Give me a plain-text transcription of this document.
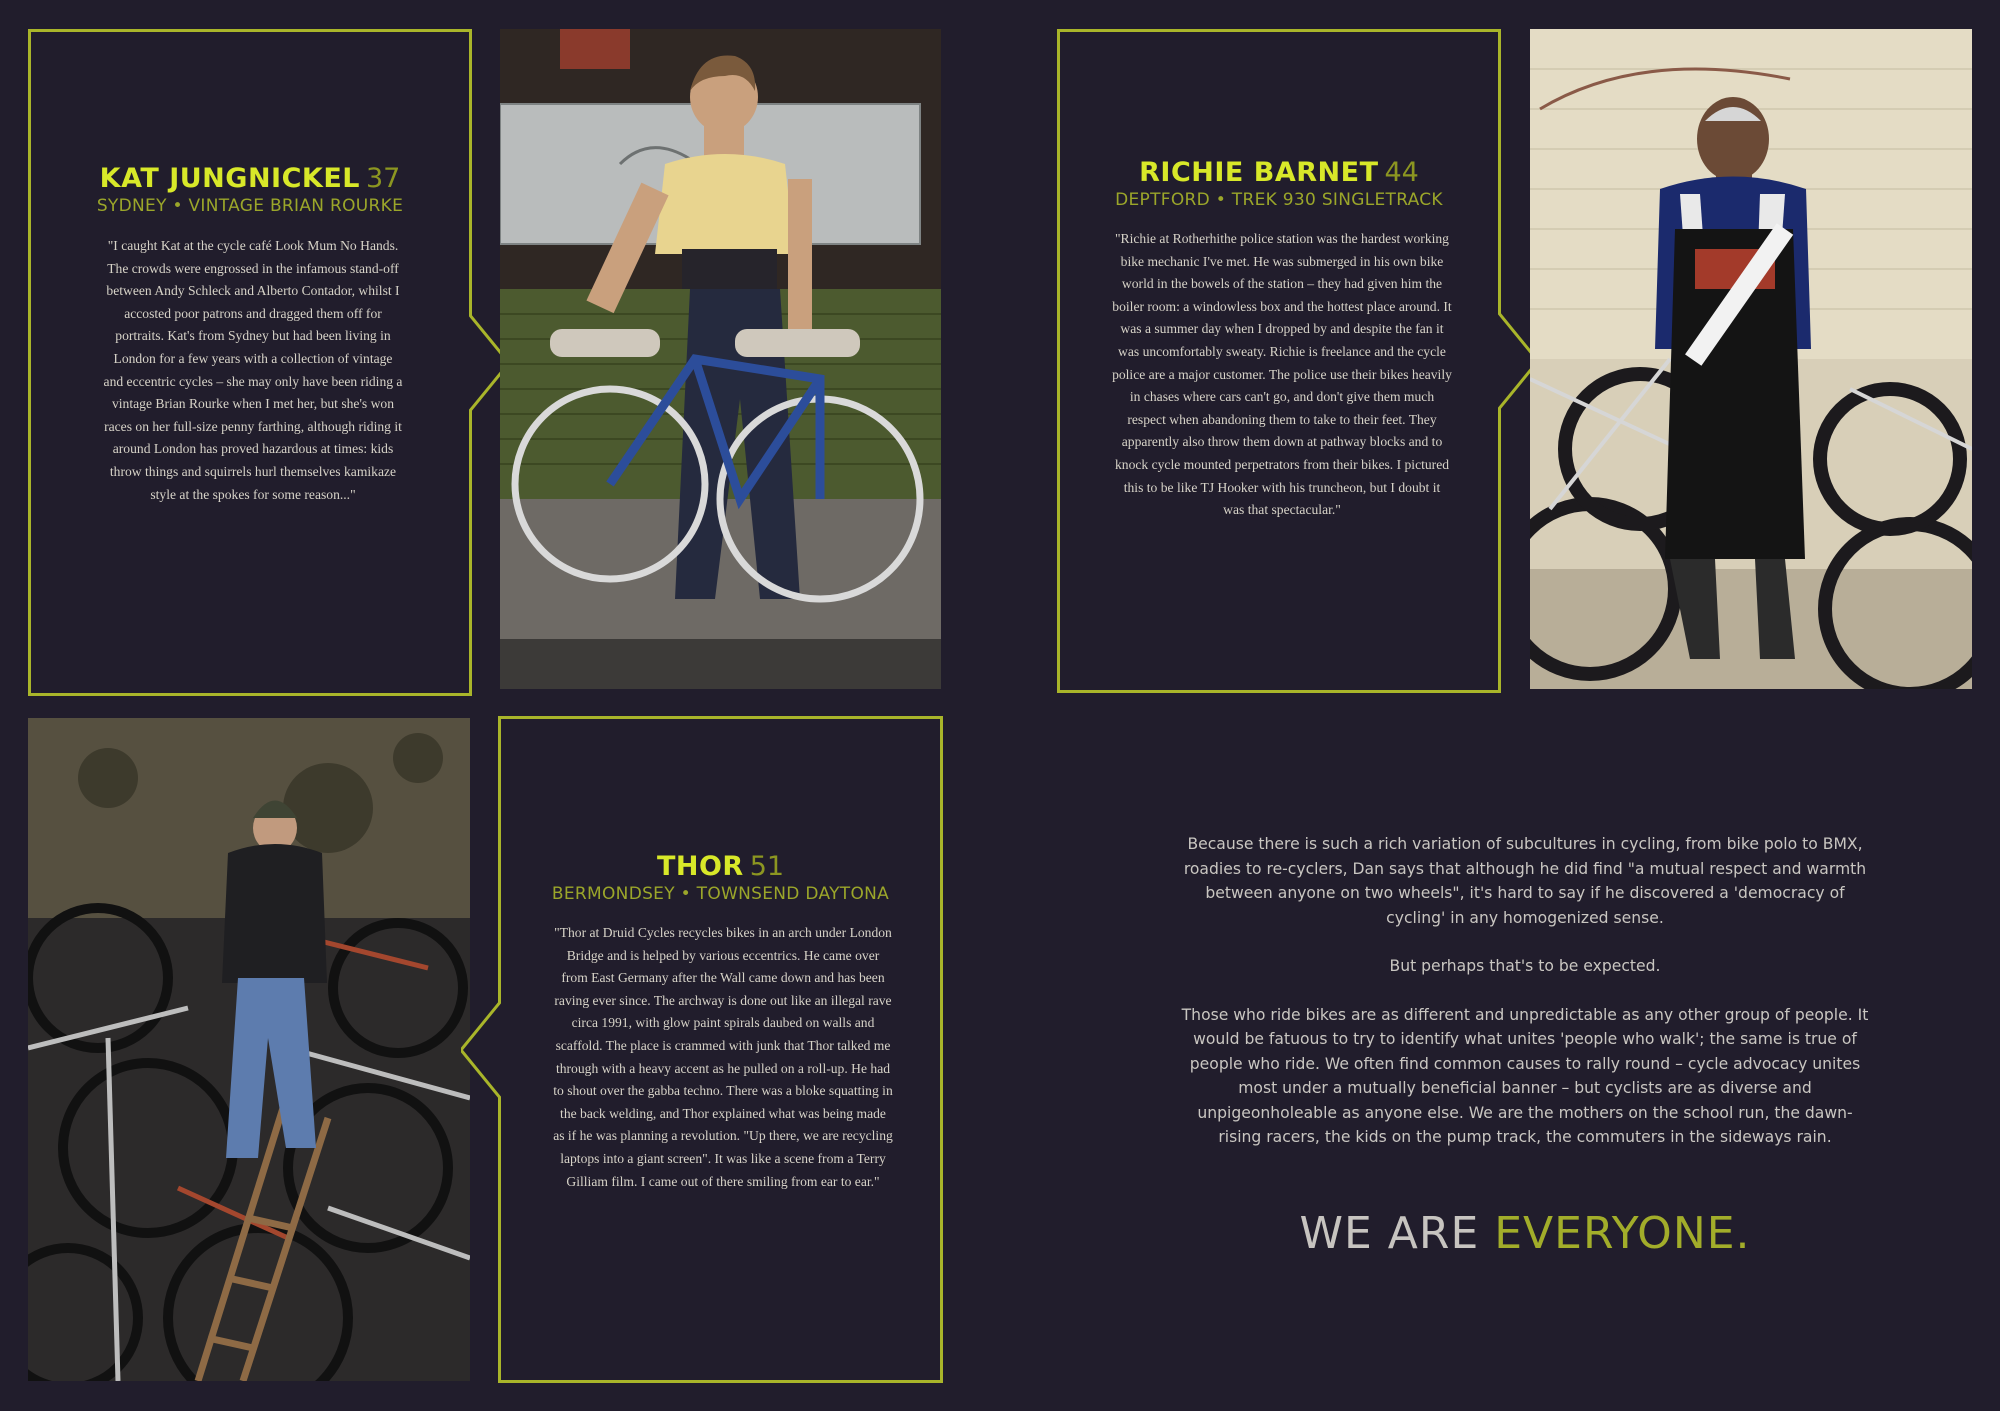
KAT JUNGNICKEL 37
SYDNEY • VINTAGE BRIAN ROURKE
"I caught Kat at the cycle café Look Mum No Hands. The crowds were engrossed in the infamous stand-off between Andy Schleck and Alberto Contador, whilst I accosted poor patrons and dragged them off for portraits. Kat's from Sydney but had been living in London for a few years with a collection of vintage and eccentric cycles – she may only have been riding a vintage Brian Rourke when I met her, but she's won races on her full-size penny farthing, although riding it around London has proved hazardous at times: kids throw things and squirrels hurl themselves kamikaze style at the spokes for some reason..."
RICHIE BARNET 44
DEPTFORD • TREK 930 SINGLETRACK
"Richie at Rotherhithe police station was the hardest working bike mechanic I've met. He was submerged in his own bike world in the bowels of the station – they had given him the boiler room: a windowless box and the hottest place around. It was a summer day when I dropped by and despite the fan it was uncomfortably sweaty. Richie is freelance and the cycle police are a major customer. The police use their bikes heavily in chases where cars can't go, and don't give them much respect when abandoning them to take to their feet. They apparently also throw them down at pathway blocks and to knock cycle mounted perpetrators from their bikes. I pictured this to be like TJ Hooker with his truncheon, but I doubt it was that spectacular."
THOR 51
BERMONDSEY • TOWNSEND DAYTONA
"Thor at Druid Cycles recycles bikes in an arch under London Bridge and is helped by various eccentrics. He came over from East Germany after the Wall came down and has been raving ever since. The archway is done out like an illegal rave circa 1991, with glow paint spirals daubed on walls and scaffold. The place is crammed with junk that Thor talked me through with a heavy accent as he pulled on a roll-up. He had to shout over the gabba techno. There was a bloke squatting in the back welding, and Thor explained what was being made as if he was planning a revolution. "Up there, we are recycling laptops into a giant screen". It was like a scene from a Terry Gilliam film. I came out of there smiling from ear to ear."

Because there is such a rich variation of subcultures in cycling, from bike polo to BMX, roadies to re-cyclers, Dan says that although he did find "a mutual respect and warmth between anyone on two wheels", it's hard to say if he discovered a 'democracy of cycling' in any homogenized sense.

But perhaps that's to be expected.

Those who ride bikes are as different and unpredictable as any other group of people. It would be fatuous to try to identify what unites 'people who walk'; the same is true of people who ride. We often find common causes to rally round – cycle advocacy unites most under a mutually beneficial banner – but cyclists are as diverse and unpigeonholeable as anyone else. We are the mothers on the school run, the dawn-rising racers, the kids on the pump track, the commuters in the sideways rain.

WE ARE EVERYONE.
